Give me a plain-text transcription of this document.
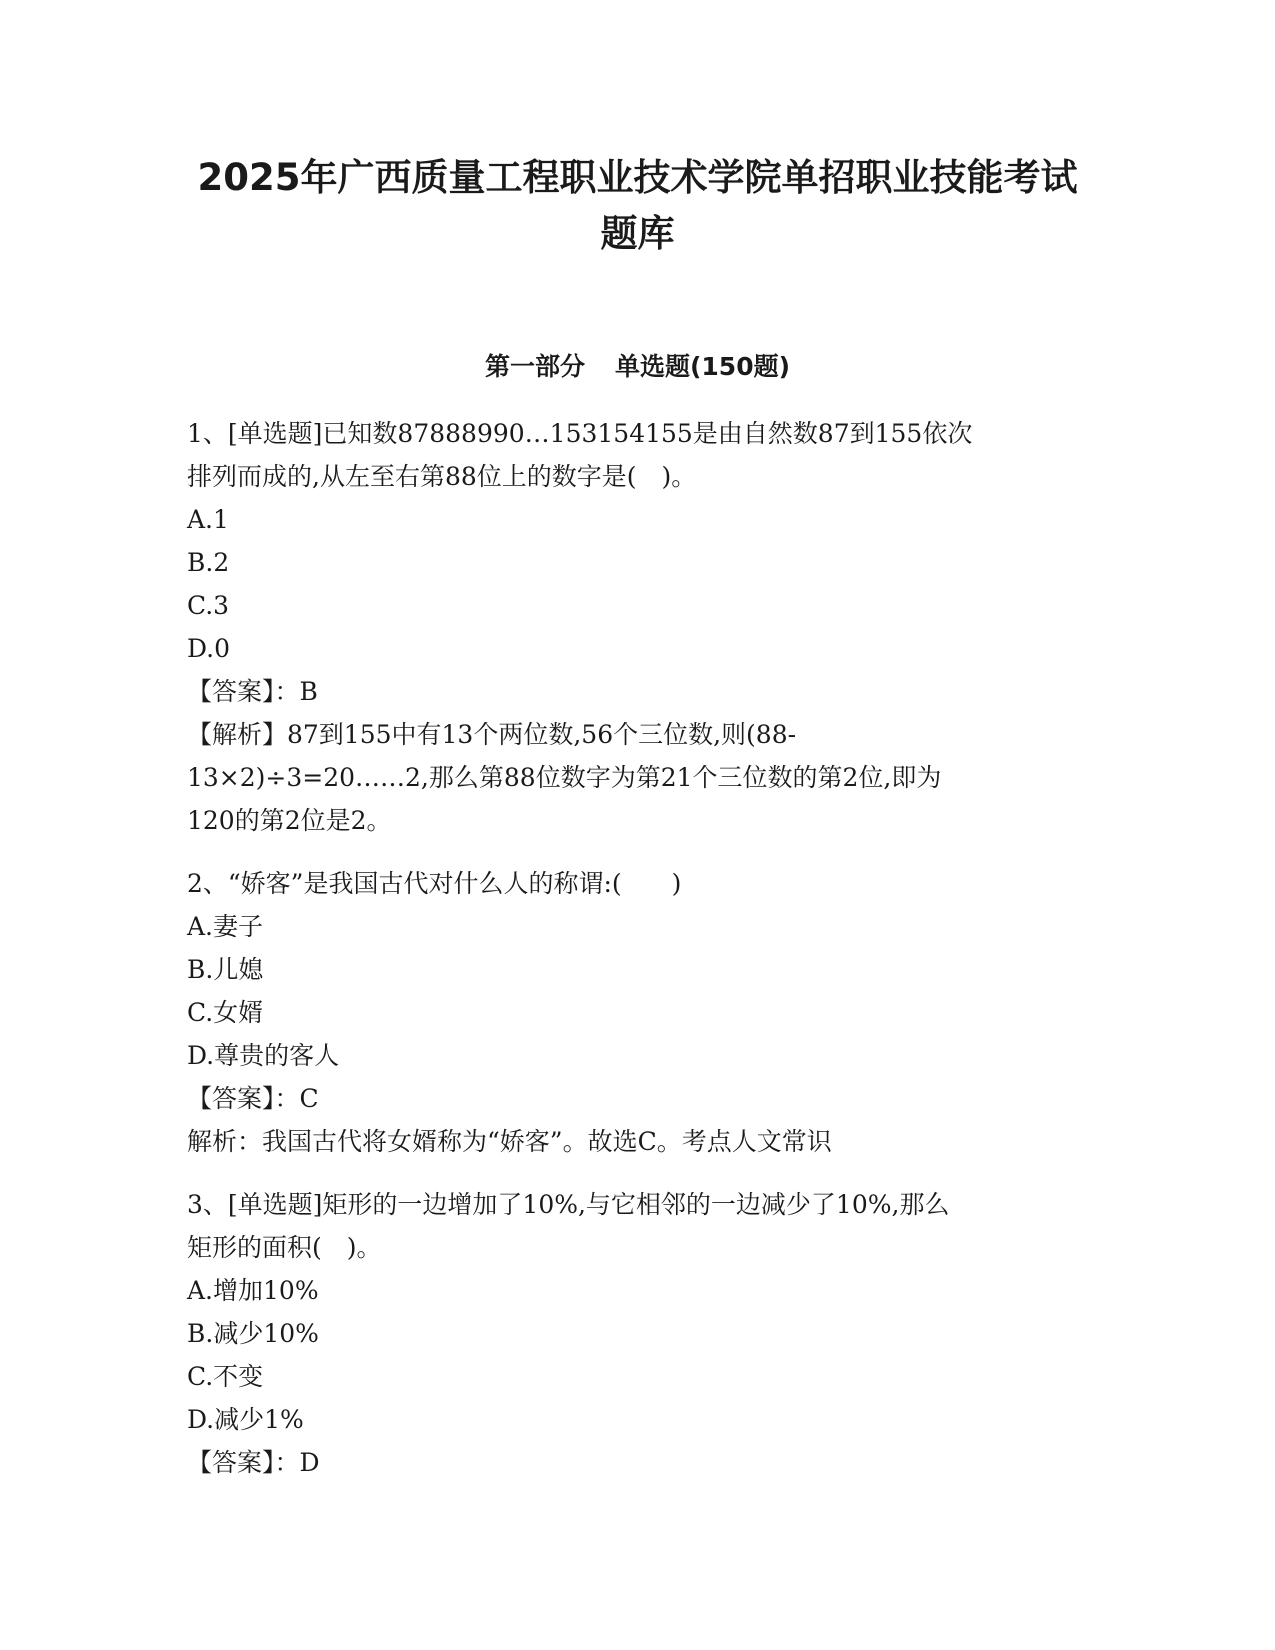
2025年广西质量工程职业技术学院单招职业技能考试
题库
第一部分 单选题(150题)
1、[单选题]已知数87888990…153154155是由自然数87到155依次
排列而成的,从左至右第88位上的数字是(　)。
A.1
B.2
C.3
D.0
【答案】：B
【解析】87到155中有13个两位数,56个三位数,则(88-
13×2)÷3=20……2,那么第88位数字为第21个三位数的第2位,即为
120的第2位是2。
2、“娇客”是我国古代对什么人的称谓:(　　)
A.妻子
B.儿媳
C.女婿
D.尊贵的客人
【答案】：C
解析：我国古代将女婿称为“娇客”。故选C。考点人文常识
3、[单选题]矩形的一边增加了10%,与它相邻的一边减少了10%,那么
矩形的面积(　)。
A.增加10%
B.减少10%
C.不变
D.减少1%
【答案】：D
